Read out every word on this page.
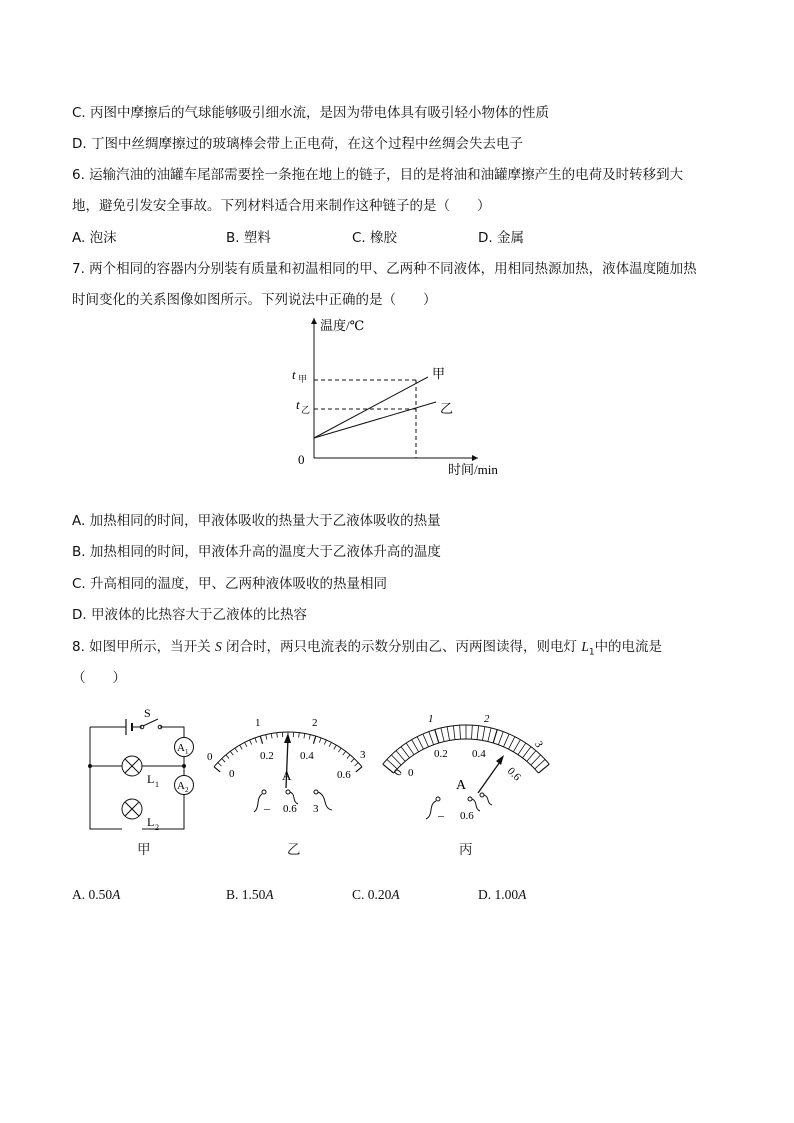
C. 丙图中摩擦后的气球能够吸引细水流，是因为带电体具有吸引轻小物体的性质
D. 丁图中丝绸摩擦过的玻璃棒会带上正电荷，在这个过程中丝绸会失去电子
6. 运输汽油的油罐车尾部需要拴一条拖在地上的链子，目的是将油和油罐摩擦产生的电荷及时转移到大
地，避免引发安全事故。下列材料适合用来制作这种链子的是（　　）
A. 泡沫	B. 塑料	C. 橡胶	D. 金属
7. 两个相同的容器内分别装有质量和初温相同的甲、乙两种不同液体，用相同热源加热，液体温度随加热
时间变化的关系图像如图所示。下列说法中正确的是（　　）
温度/℃
时间/min
0
t 甲
t 乙
甲
乙
A. 加热相同的时间，甲液体吸收的热量大于乙液体吸收的热量
B. 加热相同的时间，甲液体升高的温度大于乙液体升高的温度
C. 升高相同的温度，甲、乙两种液体吸收的热量相同
D. 甲液体的比热容大于乙液体的比热容
8. 如图甲所示，当开关 S 闭合时，两只电流表的示数分别由乙、丙两图读得，则电灯 $L_1$中的电流是
（　　）
S
A 1
A 2
L 1
L 2
甲
0
1	2
3
0
0.2 0.4
0.6
A
– 0.6 3
乙
0
1	2
3
0
0.2 0.4
0.6
A
– 0.6
丙
A. 0.50A	B. 1.50A	C. 0.20A	D. 1.00A
